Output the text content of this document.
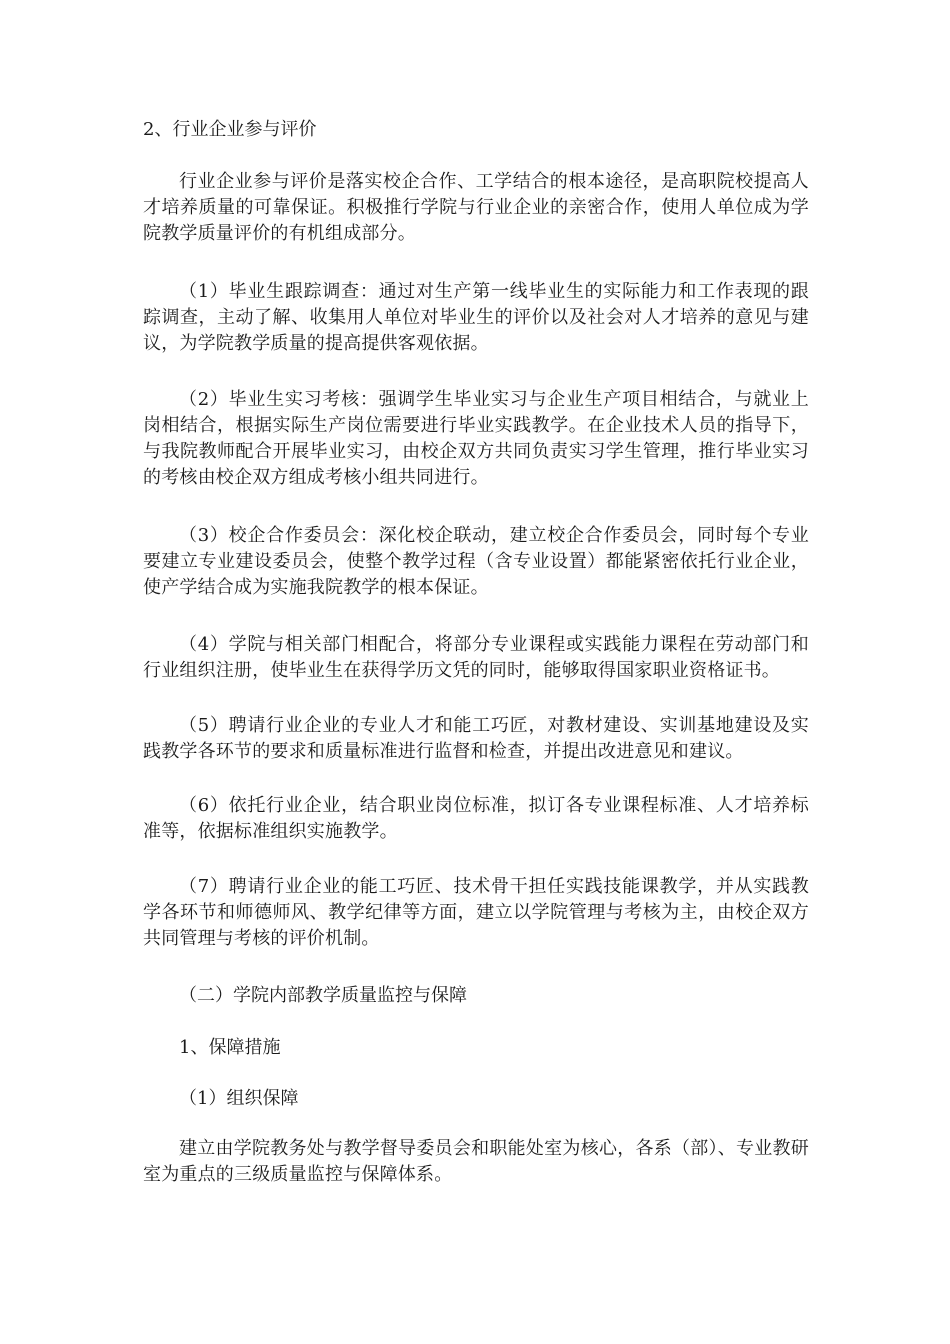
2、行业企业参与评价

行业企业参与评价是落实校企合作、工学结合的根本途径，是高职院校提高人才培养质量的可靠保证。积极推行学院与行业企业的亲密合作，使用人单位成为学院教学质量评价的有机组成部分。

（1）毕业生跟踪调查：通过对生产第一线毕业生的实际能力和工作表现的跟踪调查，主动了解、收集用人单位对毕业生的评价以及社会对人才培养的意见与建议，为学院教学质量的提高提供客观依据。

（2）毕业生实习考核：强调学生毕业实习与企业生产项目相结合，与就业上岗相结合，根据实际生产岗位需要进行毕业实践教学。在企业技术人员的指导下，与我院教师配合开展毕业实习，由校企双方共同负责实习学生管理，推行毕业实习的考核由校企双方组成考核小组共同进行。

（3）校企合作委员会：深化校企联动，建立校企合作委员会，同时每个专业要建立专业建设委员会，使整个教学过程（含专业设置）都能紧密依托行业企业，使产学结合成为实施我院教学的根本保证。

（4）学院与相关部门相配合，将部分专业课程或实践能力课程在劳动部门和行业组织注册，使毕业生在获得学历文凭的同时，能够取得国家职业资格证书。

（5）聘请行业企业的专业人才和能工巧匠，对教材建设、实训基地建设及实践教学各环节的要求和质量标准进行监督和检查，并提出改进意见和建议。

（6）依托行业企业，结合职业岗位标准，拟订各专业课程标准、人才培养标准等，依据标准组织实施教学。

（7）聘请行业企业的能工巧匠、技术骨干担任实践技能课教学，并从实践教学各环节和师德师风、教学纪律等方面，建立以学院管理与考核为主，由校企双方共同管理与考核的评价机制。

（二）学院内部教学质量监控与保障

1、保障措施

（1）组织保障

建立由学院教务处与教学督导委员会和职能处室为核心，各系（部）、专业教研室为重点的三级质量监控与保障体系。
